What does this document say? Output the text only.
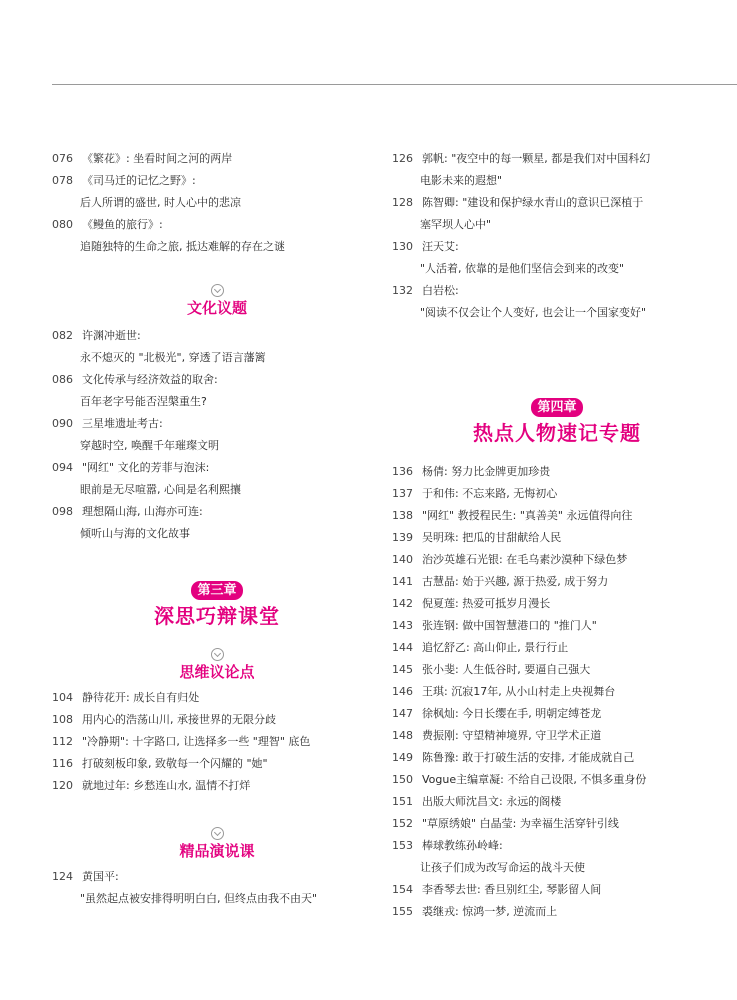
076 《繁花》: 坐看时间之河的两岸
078 《司马迁的记忆之野》:
后人所谓的盛世, 时人心中的悲凉
080 《鳗鱼的旅行》:
追随独特的生命之旅, 抵达难解的存在之谜
文化议题
082 许渊冲逝世:
永不熄灭的 "北极光", 穿透了语言藩篱
086 文化传承与经济效益的取舍:
百年老字号能否涅槃重生?
090 三星堆遗址考古:
穿越时空, 唤醒千年璀璨文明
094 "网红" 文化的芳菲与泡沫:
眼前是无尽喧嚣, 心间是名利熙攘
098 理想隔山海, 山海亦可连:
倾听山与海的文化故事
第三章
深思巧辩课堂
思维议论点
104 静待花开: 成长自有归处
108 用内心的浩荡山川, 承接世界的无限分歧
112 "冷静期": 十字路口, 让选择多一些 "理智" 底色
116 打破刻板印象, 致敬每一个闪耀的 "她"
120 就地过年: 乡愁连山水, 温情不打烊
精品演说课
124 黄国平:
"虽然起点被安排得明明白白, 但终点由我不由天"
126 郭帆: "夜空中的每一颗星, 都是我们对中国科幻
电影未来的遐想"
128 陈智卿: "建设和保护绿水青山的意识已深植于
塞罕坝人心中"
130 汪天艾:
"人活着, 依靠的是他们坚信会到来的改变"
132 白岩松:
"阅读不仅会让个人变好, 也会让一个国家变好"
第四章
热点人物速记专题
136 杨倩: 努力比金牌更加珍贵
137 于和伟: 不忘来路, 无悔初心
138 "网红" 教授程民生: "真善美" 永远值得向往
139 吴明珠: 把瓜的甘甜献给人民
140 治沙英雄石光银: 在毛乌素沙漠种下绿色梦
141 古慧晶: 始于兴趣, 源于热爱, 成于努力
142 倪夏莲: 热爱可抵岁月漫长
143 张连钢: 做中国智慧港口的 "推门人"
144 追忆舒乙: 高山仰止, 景行行止
145 张小斐: 人生低谷时, 要逼自己强大
146 王琪: 沉寂17年, 从小山村走上央视舞台
147 徐枫灿: 今日长缨在手, 明朝定缚苍龙
148 费振刚: 守望精神境界, 守卫学术正道
149 陈鲁豫: 敢于打破生活的安排, 才能成就自己
150 Vogue主编章凝: 不给自己设限, 不惧多重身份
151 出版大师沈昌文: 永远的阁楼
152 "草原绣娘" 白晶莹: 为幸福生活穿针引线
153 棒球教练孙岭峰:
让孩子们成为改写命运的战斗天使
154 李香琴去世: 香旦别红尘, 琴影留人间
155 裘继戎: 惊鸿一梦, 逆流而上
